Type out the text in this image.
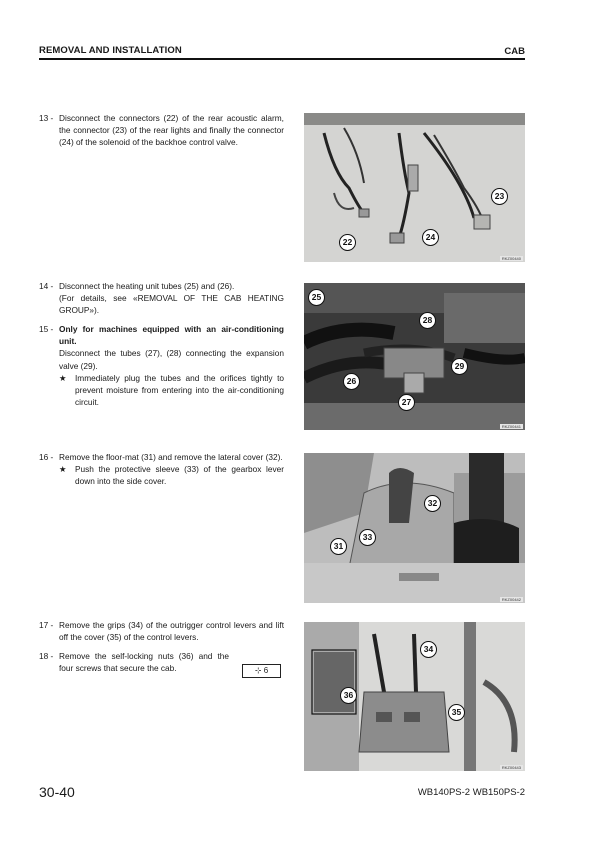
REMOVAL AND INSTALLATION	CAB
13 - Disconnect the connectors (22) of the rear acoustic alarm, the connector (23) of the rear lights and finally the connector (24) of the solenoid of the backhoe control valve.
14 - Disconnect the heating unit tubes (25) and (26).
(For details, see «REMOVAL OF THE CAB HEATING GROUP»).
15 - Only for machines equipped with an air-conditioning unit.
Disconnect the tubes (27), (28) connecting the expansion valve (29).
★ Immediately plug the tubes and the orifices tightly to prevent moisture from entering into the air-conditioning circuit.
16 - Remove the floor-mat (31) and remove the lateral cover (32).
★ Push the protective sleeve (33) of the gearbox lever down into the side cover.
17 - Remove the grips (34) of the outrigger control levers and lift off the cover (35) of the control levers.
18 - Remove the self-locking nuts (36) and the four screws that secure the cab.	⊹ 6
22	24
23
RKZ00440
25
28
29
26
27
RKZ00441
32
33
31
RKZ00442
34
36
35
RKZ00443
30-40	WB140PS-2 WB150PS-2
